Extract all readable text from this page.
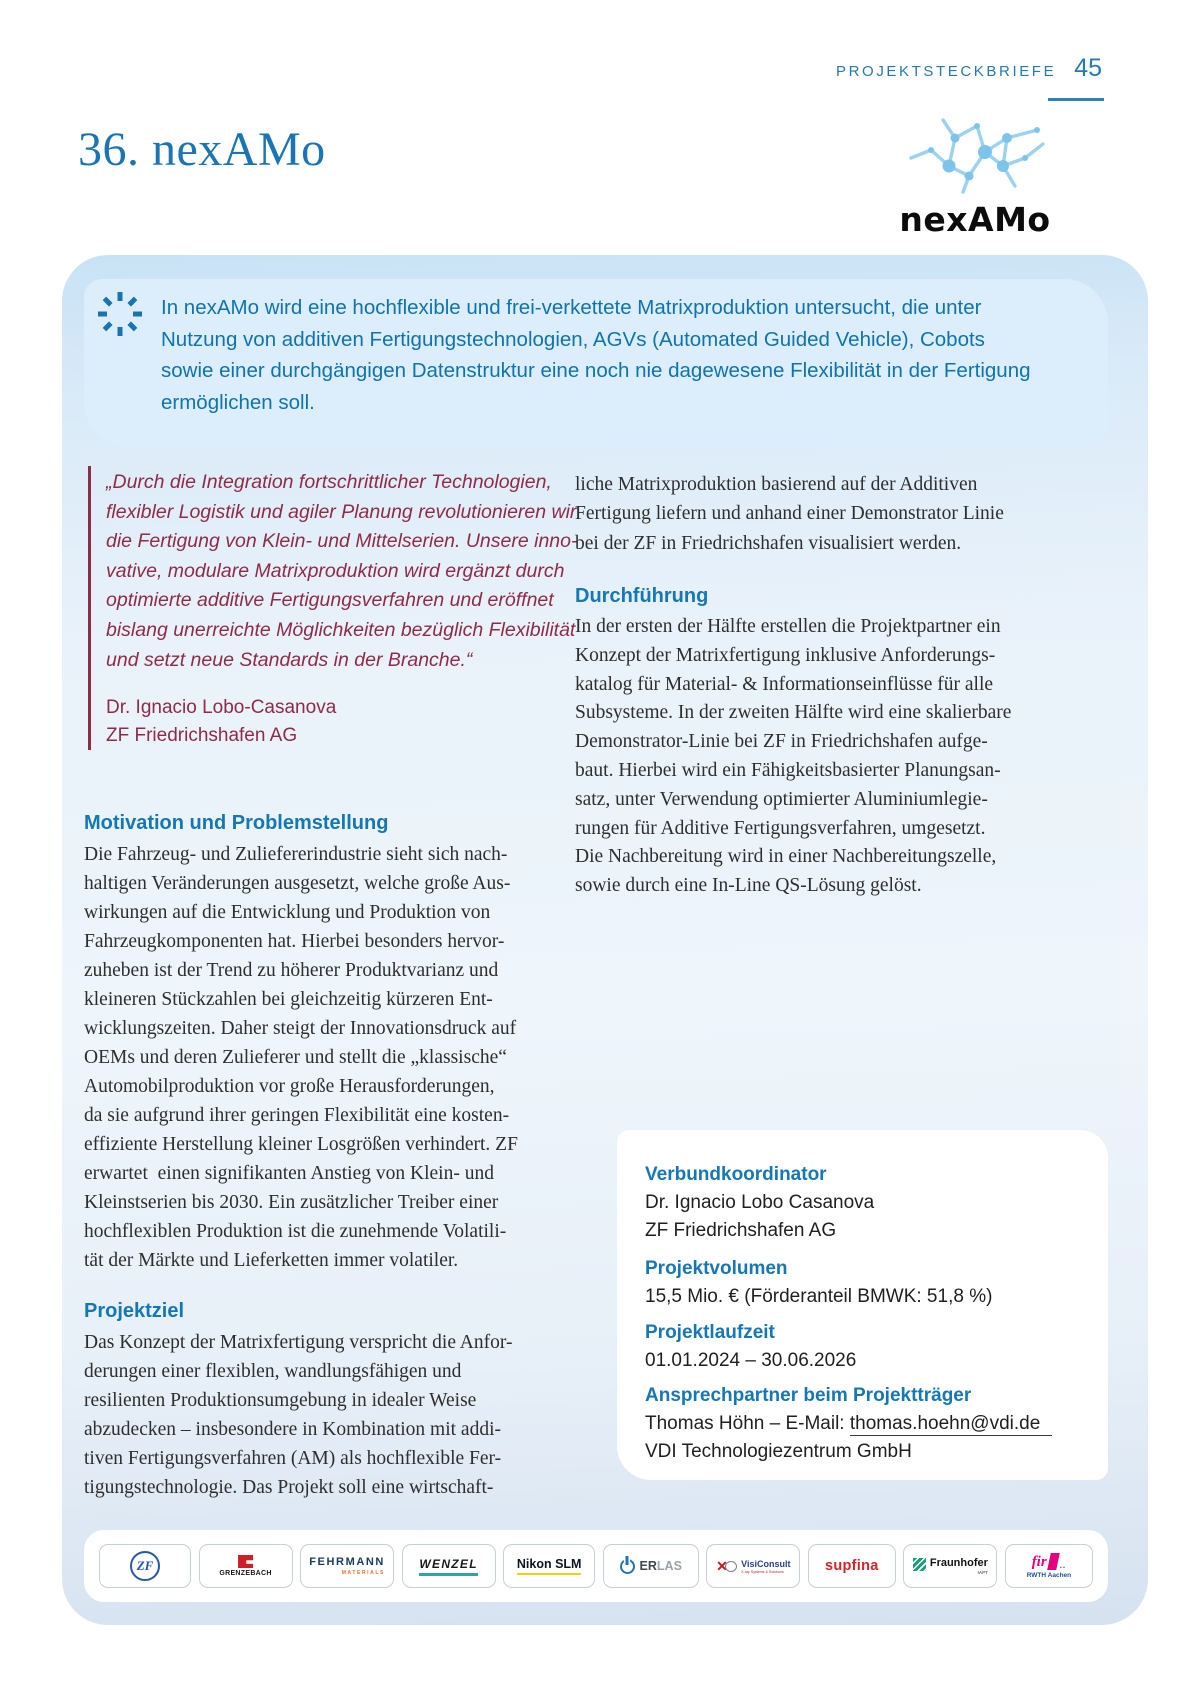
PROJEKTSTECKBRIEFE 45
36. nexAMo
nexAMo
In nexAMo wird eine hochflexible und frei-verkettete Matrixproduktion untersucht, die unter
Nutzung von additiven Fertigungstechnologien, AGVs (Automated Guided Vehicle), Cobots
sowie einer durchgängigen Datenstruktur eine noch nie dagewesene Flexibilität in der Fertigung
ermöglichen soll.
„Durch die Integration fortschrittlicher Technologien,
flexibler Logistik und agiler Planung revolutionieren wir
die Fertigung von Klein- und Mittelserien. Unsere inno-
vative, modulare Matrixproduktion wird ergänzt durch
optimierte additive Fertigungsverfahren und eröffnet
bislang unerreichte Möglichkeiten bezüglich Flexibilität
und setzt neue Standards in der Branche.“
Dr. Ignacio Lobo-Casanova
ZF Friedrichshafen AG
Motivation und Problemstellung
Die Fahrzeug- und Zuliefererindustrie sieht sich nach-
haltigen Veränderungen ausgesetzt, welche große Aus-
wirkungen auf die Entwicklung und Produktion von
Fahrzeugkomponenten hat. Hierbei besonders hervor-
zuheben ist der Trend zu höherer Produktvarianz und
kleineren Stückzahlen bei gleichzeitig kürzeren Ent-
wicklungszeiten. Daher steigt der Innovationsdruck auf
OEMs und deren Zulieferer und stellt die „klassische“
Automobilproduktion vor große Herausforderungen,
da sie aufgrund ihrer geringen Flexibilität eine kosten-
effiziente Herstellung kleiner Losgrößen verhindert. ZF
erwartet  einen signifikanten Anstieg von Klein- und
Kleinstserien bis 2030. Ein zusätzlicher Treiber einer
hochflexiblen Produktion ist die zunehmende Volatili-
tät der Märkte und Lieferketten immer volatiler.
Projektziel
Das Konzept der Matrixfertigung verspricht die Anfor-
derungen einer flexiblen, wandlungsfähigen und
resilienten Produktionsumgebung in idealer Weise
abzudecken – insbesondere in Kombination mit addi-
tiven Fertigungsverfahren (AM) als hochflexible Fer-
tigungstechnologie. Das Projekt soll eine wirtschaft-
liche Matrixproduktion basierend auf der Additiven
Fertigung liefern und anhand einer Demonstrator Linie
bei der ZF in Friedrichshafen visualisiert werden.
Durchführung
In der ersten der Hälfte erstellen die Projektpartner ein
Konzept der Matrixfertigung inklusive Anforderungs-
katalog für Material- & Informationseinflüsse für alle
Subsysteme. In der zweiten Hälfte wird eine skalierbare
Demonstrator-Linie bei ZF in Friedrichshafen aufge-
baut. Hierbei wird ein Fähigkeitsbasierter Planungsan-
satz, unter Verwendung optimierter Aluminiumlegie-
rungen für Additive Fertigungsverfahren, umgesetzt.
Die Nachbereitung wird in einer Nachbereitungszelle,
sowie durch eine In-Line QS-Lösung gelöst.
Verbundkoordinator
Dr. Ignacio Lobo Casanova
ZF Friedrichshafen AG
Projektvolumen
15,5 Mio. € (Förderanteil BMWK: 51,8 %)
Projektlaufzeit
01.01.2024 – 30.06.2026
Ansprechpartner beim Projektträger
Thomas Höhn – E-Mail: thomas.hoehn@vdi.de
VDI Technologiezentrum GmbH
ZF
GRENZEBACH
FEHRMANN
MATERIALS
WENZEL	Nikon SLM	ERLAS ✕ VisiConsult
X-ray Systems & Solutions	supfina	Fraunhofer
IAPT
fir ..
RWTH Aachen
